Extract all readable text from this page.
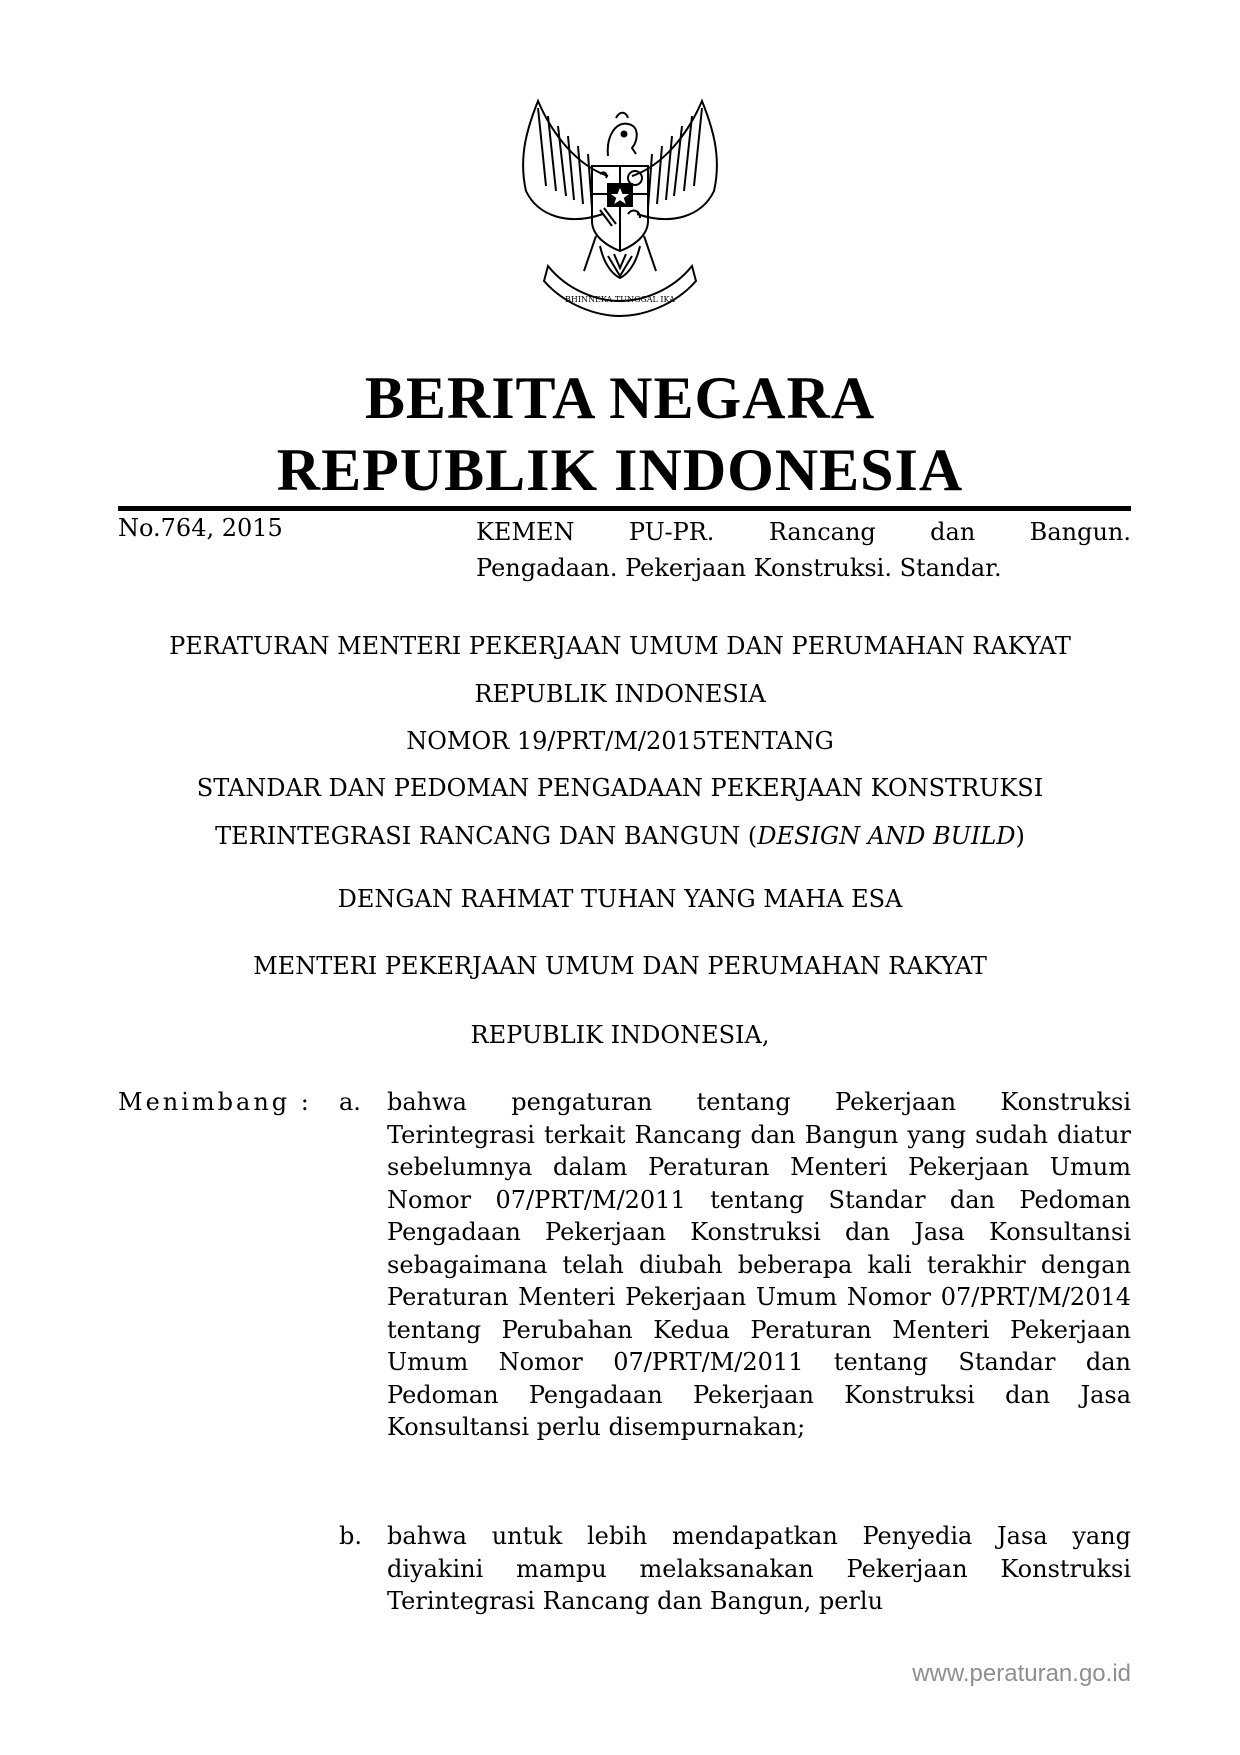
BHINNEKA TUNGGAL IKA
BERITA NEGARA
REPUBLIK INDONESIA
No.764, 2015	KEMEN PU-PR. Rancang dan Bangun.
Pengadaan. Pekerjaan Konstruksi. Standar.
PERATURAN MENTERI PEKERJAAN UMUM DAN PERUMAHAN RAKYAT
REPUBLIK INDONESIA
NOMOR 19/PRT/M/2015TENTANG
STANDAR DAN PEDOMAN PENGADAAN PEKERJAAN KONSTRUKSI
TERINTEGRASI RANCANG DAN BANGUN (DESIGN AND BUILD)
DENGAN RAHMAT TUHAN YANG MAHA ESA
MENTERI PEKERJAAN UMUM DAN PERUMAHAN RAKYAT
REPUBLIK INDONESIA,
Menimbang : a. bahwa pengaturan tentang Pekerjaan Konstruksi Terintegrasi terkait Rancang dan Bangun yang sudah diatur sebelumnya dalam Peraturan Menteri Pekerjaan Umum Nomor 07/PRT/M/2011 tentang Standar dan Pedoman Pengadaan Pekerjaan Konstruksi dan Jasa Konsultansi sebagaimana telah diubah beberapa kali terakhir dengan Peraturan Menteri Pekerjaan Umum Nomor 07/PRT/M/2014 tentang Perubahan Kedua Peraturan Menteri Pekerjaan Umum Nomor 07/PRT/M/2011 tentang Standar dan Pedoman Pengadaan Pekerjaan Konstruksi dan Jasa Konsultansi perlu disempurnakan;
b. bahwa untuk lebih mendapatkan Penyedia Jasa yang diyakini mampu melaksanakan Pekerjaan Konstruksi Terintegrasi Rancang dan Bangun, perlu
www.peraturan.go.id
